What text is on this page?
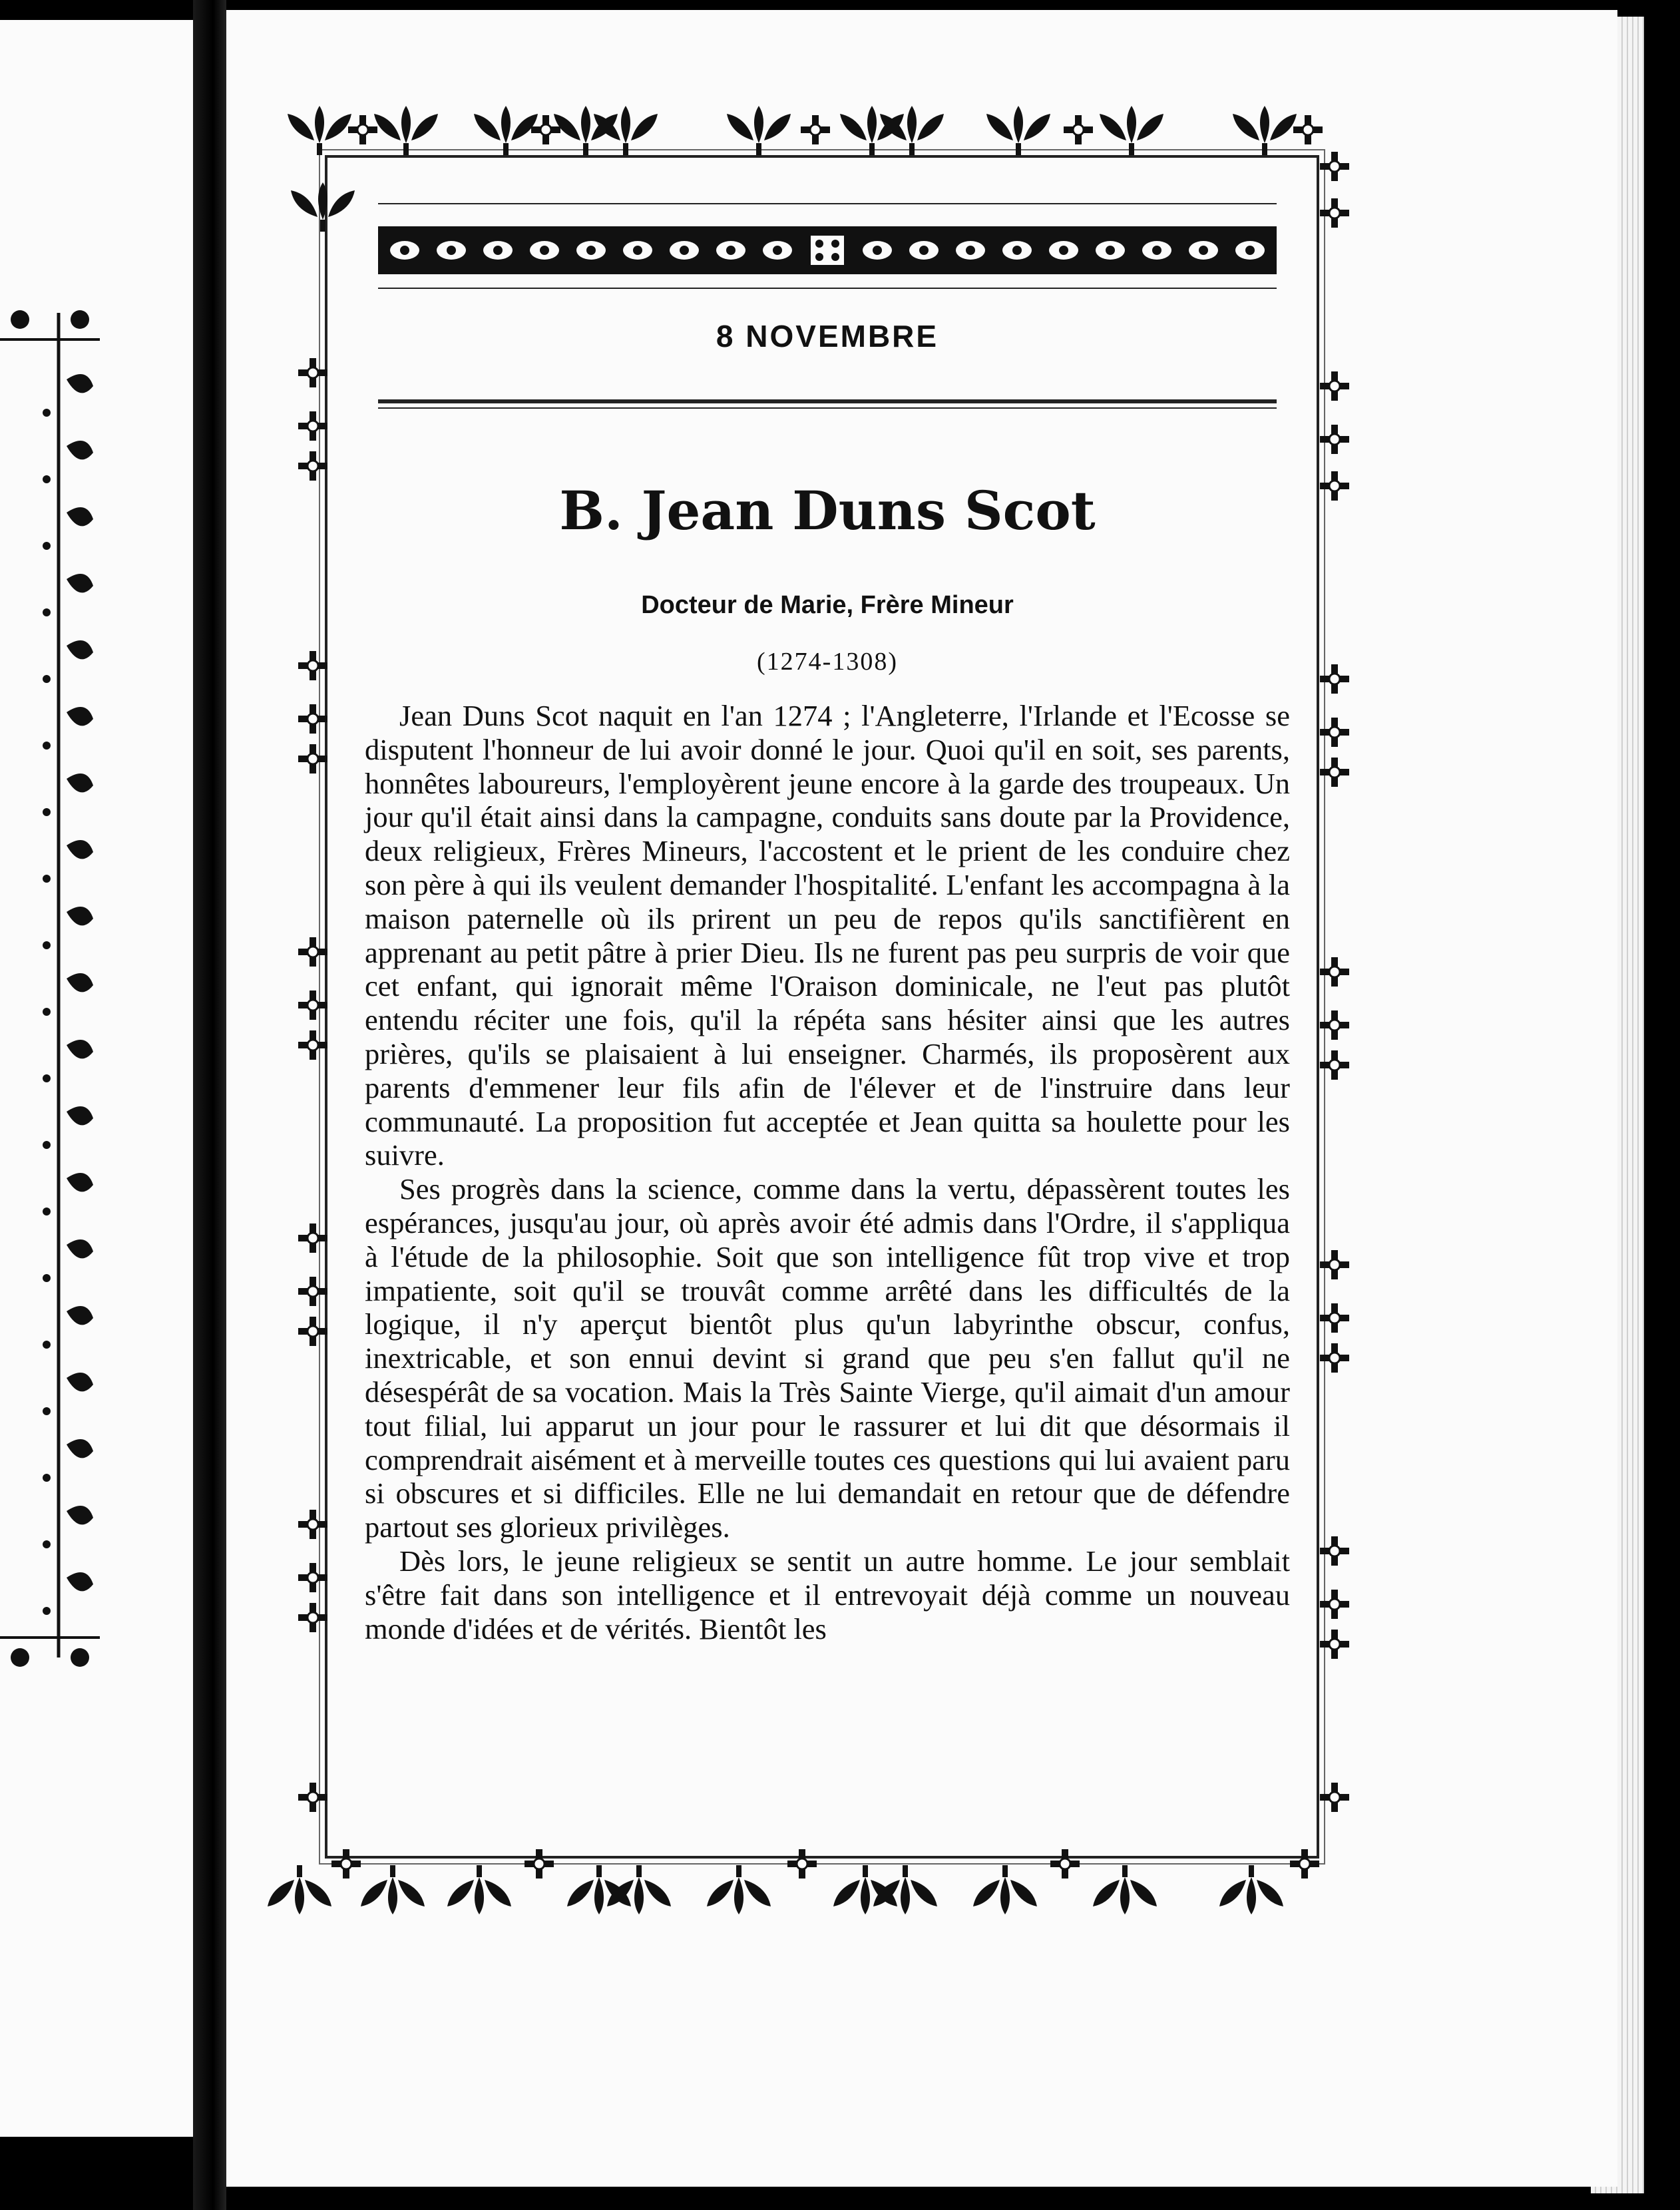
8 NOVEMBRE
B. Jean Duns Scot
Docteur de Marie, Frère Mineur
(1274-1308)

Jean Duns Scot naquit en l'an 1274 ; l'Angleterre, l'Irlande et l'Ecosse se disputent l'honneur de lui avoir donné le jour. Quoi qu'il en soit, ses parents, honnêtes laboureurs, l'employèrent jeune encore à la garde des troupeaux. Un jour qu'il était ainsi dans la campagne, conduits sans doute par la Providence, deux religieux, Frères Mineurs, l'accostent et le prient de les conduire chez son père à qui ils veulent demander l'hospitalité. L'enfant les accompagna à la maison paternelle où ils prirent un peu de repos qu'ils sanctifièrent en apprenant au petit pâtre à prier Dieu. Ils ne furent pas peu surpris de voir que cet enfant, qui ignorait même l'Oraison dominicale, ne l'eut pas plutôt entendu réciter une fois, qu'il la répéta sans hésiter ainsi que les autres prières, qu'ils se plaisaient à lui enseigner. Charmés, ils proposèrent aux parents d'emmener leur fils afin de l'élever et de l'instruire dans leur communauté. La proposition fut acceptée et Jean quitta sa houlette pour les suivre.

Ses progrès dans la science, comme dans la vertu, dépassèrent toutes les espérances, jusqu'au jour, où après avoir été admis dans l'Ordre, il s'appliqua à l'étude de la philosophie. Soit que son intelligence fût trop vive et trop impatiente, soit qu'il se trouvât comme arrêté dans les difficultés de la logique, il n'y aperçut bientôt plus qu'un labyrinthe obscur, confus, inextricable, et son ennui devint si grand que peu s'en fallut qu'il ne désespérât de sa vocation. Mais la Très Sainte Vierge, qu'il aimait d'un amour tout filial, lui apparut un jour pour le rassurer et lui dit que désormais il comprendrait aisément et à merveille toutes ces questions qui lui avaient paru si obscures et si difficiles. Elle ne lui demandait en retour que de défendre partout ses glorieux privilèges.

Dès lors, le jeune religieux se sentit un autre homme. Le jour semblait s'être fait dans son intelligence et il entrevoyait déjà comme un nouveau monde d'idées et de vérités. Bientôt les
